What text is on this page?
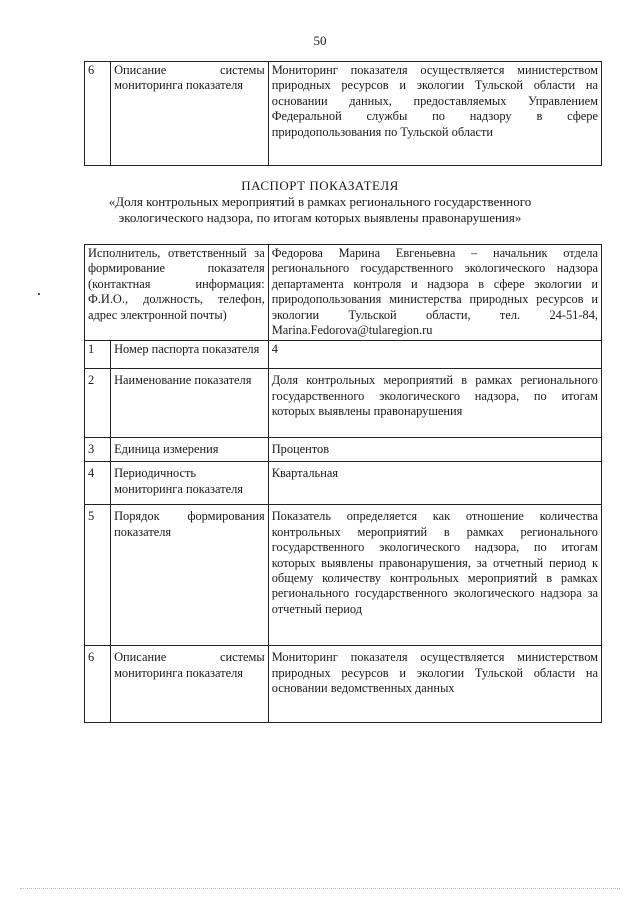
50
6	Описание системы мониторинга показателя	Мониторинг показателя осуществляется министерством природных ресурсов и экологии Тульской области на основании данных, предоставляемых Управлением Федеральной службы по надзору в сфере природопользования по Тульской области
ПАСПОРТ ПОКАЗАТЕЛЯ
«Доля контрольных мероприятий в рамках регионального государственного
экологического надзора, по итогам которых выявлены правонарушения»
Исполнитель, ответственный за формирование показателя (контактная информация: Ф.И.О., должность, телефон, адрес электронной почты)		Федорова Марина Евгеньевна – начальник отдела регионального государственного экологического надзора департамента контроля и надзора в сфере экологии и природопользования министерства природных ресурсов и экологии Тульской области, тел. 24-51-84, Marina.Fedorova@tularegion.ru
1	Номер паспорта показателя	4
2	Наименование показателя	Доля контрольных мероприятий в рамках регионального государственного экологического надзора, по итогам которых выявлены правонарушения
3	Единица измерения	Процентов
4	Периодичность мониторинга показателя	Квартальная
5	Порядок формирования показателя	Показатель определяется как отношение количества контрольных мероприятий в рамках регионального государственного экологического надзора, по итогам которых выявлены правонарушения, за отчетный период к общему количеству контрольных мероприятий в рамках регионального государственного экологического надзора за отчетный период
6	Описание системы мониторинга показателя	Мониторинг показателя осуществляется министерством природных ресурсов и экологии Тульской области на основании ведомственных данных
